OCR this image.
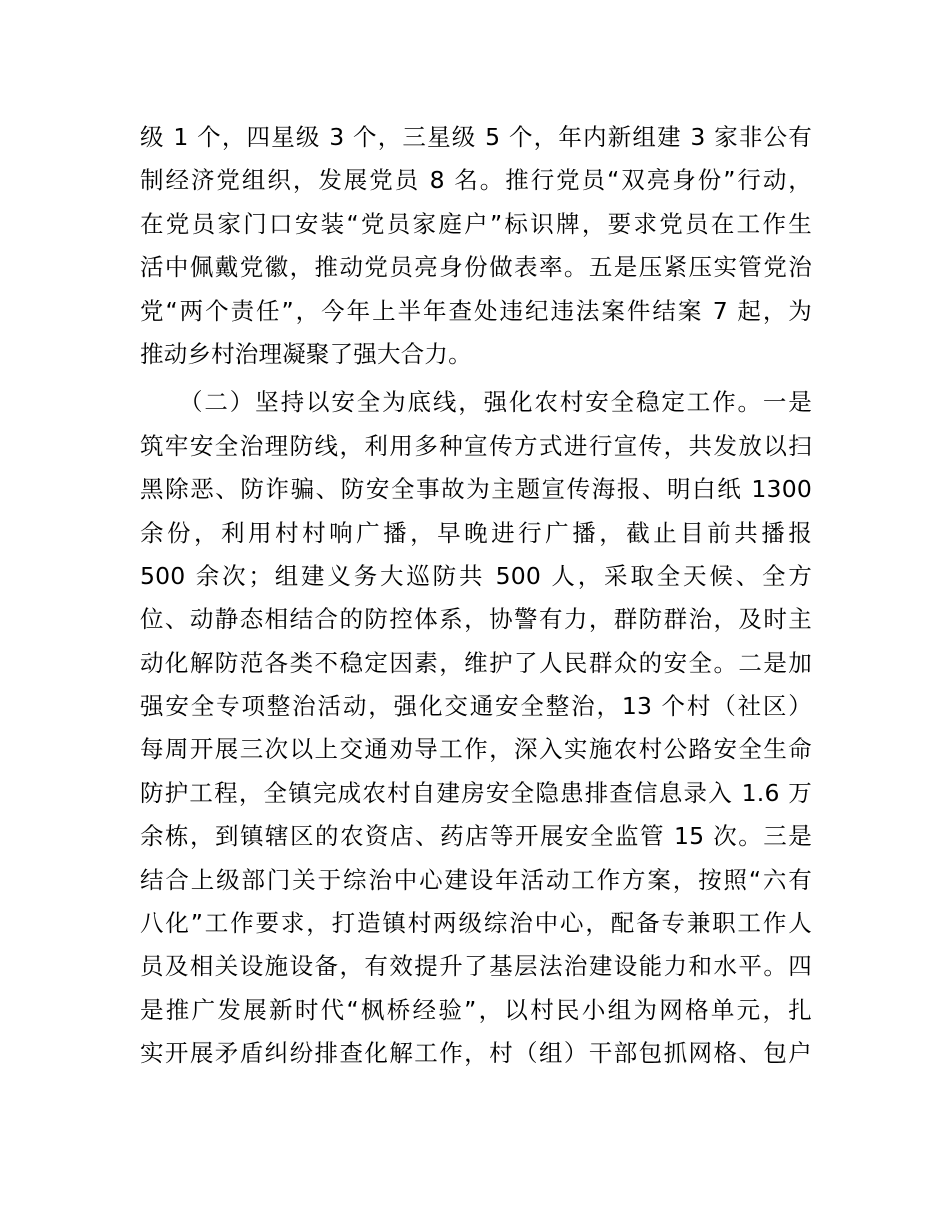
级 1 个，四星级 3 个，三星级 5 个，年内新组建 3 家非公有
制经济党组织，发展党员 8 名。推行党员“双亮身份”行动，
在党员家门口安装“党员家庭户”标识牌，要求党员在工作生
活中佩戴党徽，推动党员亮身份做表率。五是压紧压实管党治
党“两个责任”，今年上半年查处违纪违法案件结案 7 起，为
推动乡村治理凝聚了强大合力。
　　（二）坚持以安全为底线，强化农村安全稳定工作。一是
筑牢安全治理防线，利用多种宣传方式进行宣传，共发放以扫
黑除恶、防诈骗、防安全事故为主题宣传海报、明白纸 1300
余份，利用村村响广播，早晚进行广播，截止目前共播报
500 余次；组建义务大巡防共 500 人，采取全天候、全方
位、动静态相结合的防控体系，协警有力，群防群治，及时主
动化解防范各类不稳定因素，维护了人民群众的安全。二是加
强安全专项整治活动，强化交通安全整治，13 个村（社区）
每周开展三次以上交通劝导工作，深入实施农村公路安全生命
防护工程，全镇完成农村自建房安全隐患排查信息录入 1.6 万
余栋，到镇辖区的农资店、药店等开展安全监管 15 次。三是
结合上级部门关于综治中心建设年活动工作方案，按照“六有
八化”工作要求，打造镇村两级综治中心，配备专兼职工作人
员及相关设施设备，有效提升了基层法治建设能力和水平。四
是推广发展新时代“枫桥经验”，以村民小组为网格单元，扎
实开展矛盾纠纷排查化解工作，村（组）干部包抓网格、包户
